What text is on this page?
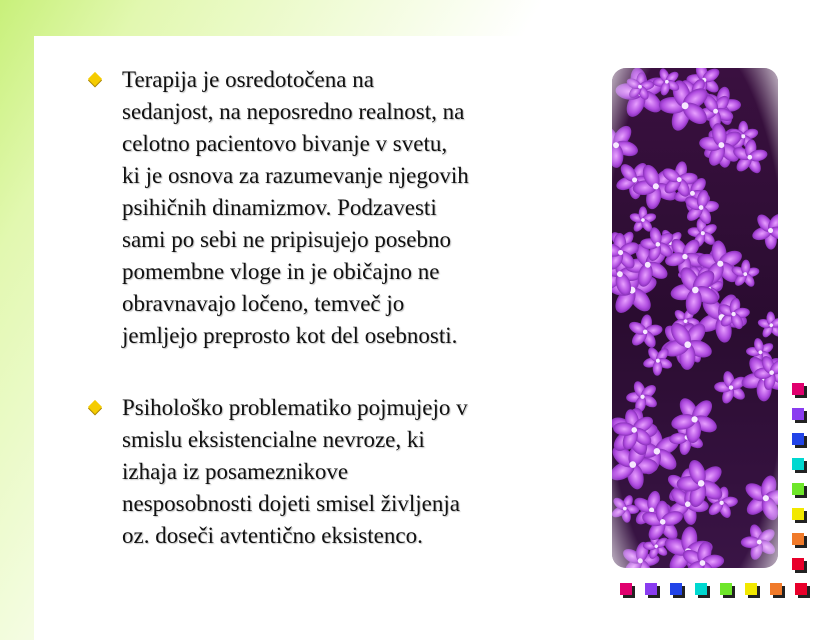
Terapija je osredotočena na
sedanjost, na neposredno realnost, na
celotno pacientovo bivanje v svetu,
ki je osnova za razumevanje njegovih
psihičnih dinamizmov. Podzavesti
sami po sebi ne pripisujejo posebno
pomembne vloge in je običajno ne
obravnavajo ločeno, temveč jo
jemljejo preprosto kot del osebnosti.
Psihološko problematiko pojmujejo v
smislu eksistencialne nevroze, ki
izhaja iz posameznikove
nesposobnosti dojeti smisel življenja
oz. doseči avtentično eksistenco.
